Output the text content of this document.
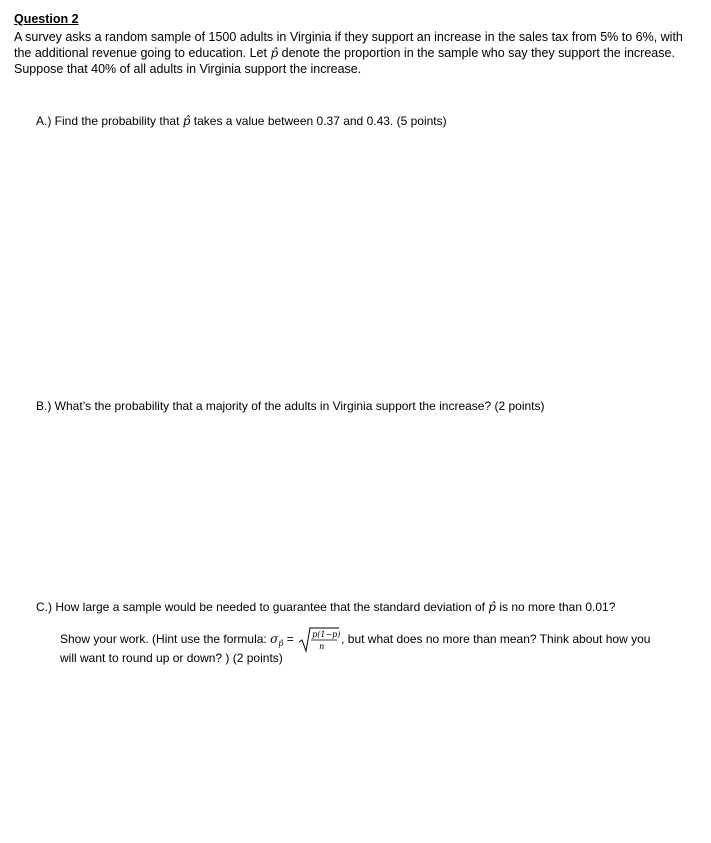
Question 2
A survey asks a random sample of 1500 adults in Virginia if they support an increase in the sales tax from 5% to 6%, with the additional revenue going to education. Let p̂ denote the proportion in the sample who say they support the increase. Suppose that 40% of all adults in Virginia support the increase.
A.) Find the probability that p̂ takes a value between 0.37 and 0.43. (5 points)
B.) What’s the probability that a majority of the adults in Virginia support the increase? (2 points)
C.) How large a sample would be needed to guarantee that the standard deviation of p̂ is no more than 0.01?
Show your work. (Hint use the formula: $\sigma_{p̂} = p(1-p)$
n
, but what does no more than mean? Think about how you
will want to round up or down? ) (2 points)
